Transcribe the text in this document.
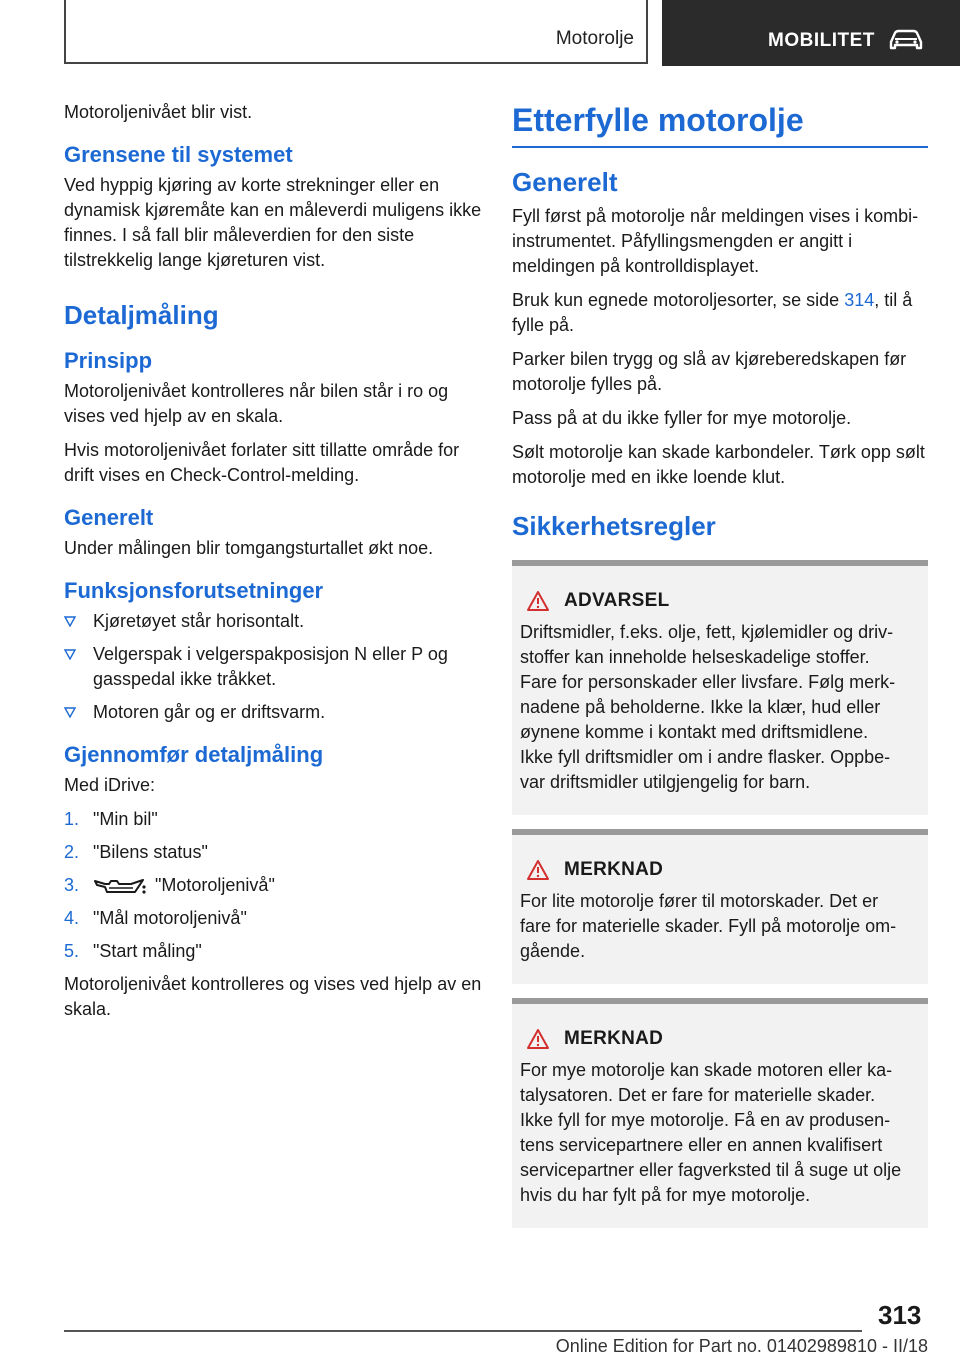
Motorolje	MOBILITET

Motoroljenivået blir vist.

Grensene til systemet

Ved hyppig kjøring av korte strekninger eller en dynamisk kjøremåte kan en måleverdi muligens ikke finnes. I så fall blir måleverdien for den siste tilstrekkelig lange kjøreturen vist.

Detaljmåling
Prinsipp

Motoroljenivået kontrolleres når bilen står i ro og vises ved hjelp av en skala.

Hvis motoroljenivået forlater sitt tillatte område for drift vises en Check-Control-melding.

Generelt

Under målingen blir tomgangsturtallet økt noe.

Funksjonsforutsetninger
Kjøretøyet står horisontalt.
Velgerspak i velgerspakposisjon N eller P og gasspedal ikke tråkket.
Motoren går og er driftsvarm.
Gjennomfør detaljmåling

Med iDrive:

1. "Min bil"
2. "Bilens status"
3.	"Motoroljenivå"
4. "Mål motoroljenivå"
5. "Start måling"

Motoroljenivået kontrolleres og vises ved hjelp av en skala.

Etterfylle motorolje
Generelt

Fyll først på motorolje når meldingen vises i kombi-instrumentet. Påfyllingsmengden er angitt i meldingen på kontrolldisplayet.

Bruk kun egnede motoroljesorter, se side 314, til å fylle på.

Parker bilen trygg og slå av kjøreberedskapen før motorolje fylles på.

Pass på at du ikke fyller for mye motorolje.

Sølt motorolje kan skade karbondeler. Tørk opp sølt motorolje med en ikke loende klut.

Sikkerhetsregler
ADVARSEL

Driftsmidler, f.eks. olje, fett, kjølemidler og driv-
stoffer kan inneholde helseskadelige stoffer.
Fare for personskader eller livsfare. Følg merk-
nadene på beholderne. Ikke la klær, hud eller
øynene komme i kontakt med driftsmidlene.
Ikke fyll driftsmidler om i andre flasker. Oppbe-
var driftsmidler utilgjengelig for barn.

MERKNAD

For lite motorolje fører til motorskader. Det er
fare for materielle skader. Fyll på motorolje om-
gående.

MERKNAD

For mye motorolje kan skade motoren eller ka-
talysatoren. Det er fare for materielle skader.
Ikke fyll for mye motorolje. Få en av produsen-
tens servicepartnere eller en annen kvalifisert
servicepartner eller fagverksted til å suge ut olje
hvis du har fylt på for mye motorolje.

313
Online Edition for Part no. 01402989810 - II/18
